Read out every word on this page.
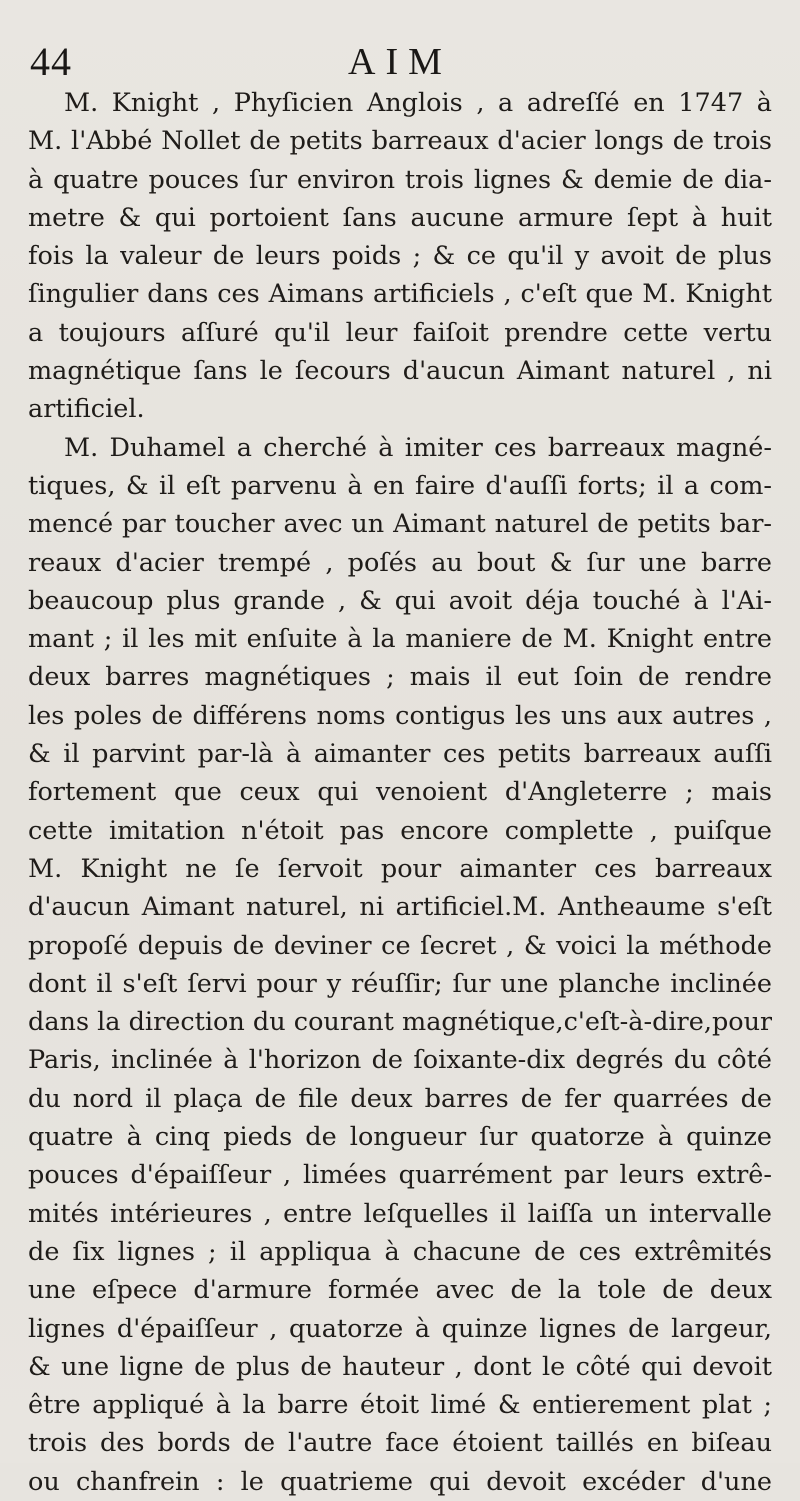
44	AIM
M. Knight , Phyſicien Anglois , a adreſſé en 1747 à
M. l'Abbé Nollet de petits barreaux d'acier longs de trois
à quatre pouces ſur environ trois lignes & demie de dia-
metre & qui portoient ſans aucune armure ſept à huit
fois la valeur de leurs poids ; & ce qu'il y avoit de plus
ſingulier dans ces Aimans artificiels , c'eſt que M. Knight
a toujours aſſuré qu'il leur faiſoit prendre cette vertu
magnétique ſans le ſecours d'aucun Aimant naturel , ni
artificiel.
M. Duhamel a cherché à imiter ces barreaux magné-
tiques, & il eſt parvenu à en faire d'auſſi forts; il a com-
mencé par toucher avec un Aimant naturel de petits bar-
reaux d'acier trempé , poſés au bout & ſur une barre
beaucoup plus grande , & qui avoit déja touché à l'Ai-
mant ; il les mit enſuite à la maniere de M. Knight entre
deux barres magnétiques ; mais il eut ſoin de rendre
les poles de différens noms contigus les uns aux autres ,
& il parvint par-là à aimanter ces petits barreaux auſſi
fortement que ceux qui venoient d'Angleterre ; mais
cette imitation n'étoit pas encore complette , puiſque
M. Knight ne ſe ſervoit pour aimanter ces barreaux
d'aucun Aimant naturel, ni artificiel.M. Antheaume s'eſt
propoſé depuis de deviner ce ſecret , & voici la méthode
dont il s'eſt ſervi pour y réuſſir; ſur une planche inclinée
dans la direction du courant magnétique,c'eſt-à-dire,pour
Paris, inclinée à l'horizon de ſoixante-dix degrés du côté
du nord il plaça de file deux barres de fer quarrées de
quatre à cinq pieds de longueur ſur quatorze à quinze
pouces d'épaiſſeur , limées quarrément par leurs extrê-
mités intérieures , entre leſquelles il laiſſa un intervalle
de ſix lignes ; il appliqua à chacune de ces extrêmités
une eſpece d'armure formée avec de la tole de deux
lignes d'épaiſſeur , quatorze à quinze lignes de largeur,
& une ligne de plus de hauteur , dont le côté qui devoit
être appliqué à la barre étoit limé & entierement plat ;
trois des bords de l'autre face étoient taillés en biſeau
ou chanfrein : le quatrieme qui devoit excéder d'une
